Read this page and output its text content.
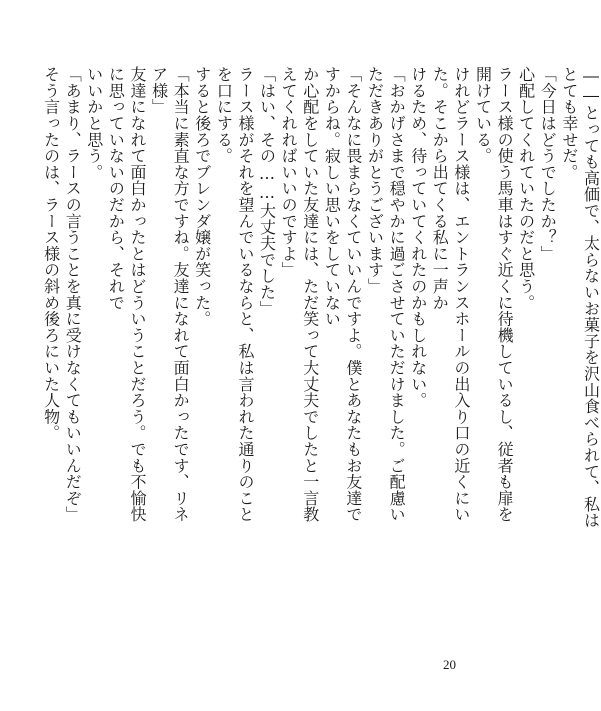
――とっても高価で、太らないお菓子を沢山食べられて、私はとても幸せだ。

「今日はどうでしたか？」

心配してくれていたのだと思う。

ラース様の使う馬車はすぐ近くに待機しているし、従者も扉を開けている。

けれどラース様は、エントランスホールの出入り口の近くにいた。そこから出てくる私に一声か

けるため、待っていてくれたのかもしれない。

「おかげさまで穏やかに過ごさせていただけました。ご配慮いただきありがとうございます」

「そんなに畏まらなくていいんですよ。僕とあなたもお友達ですからね。寂しい思いをしていない

か心配をしていた友達には、ただ笑って大丈夫でしたと一言教えてくれればいいのですよ」

「はい、その……大丈夫でした」

ラース様がそれを望んでいるならと、私は言われた通りのことを口にする。

すると後ろでブレンダ嬢が笑った。

「本当に素直な方ですね。友達になれて面白かったです、リネア様」

友達になれて面白かったとはどういうことだろう。でも不愉快に思っていないのだから、それで

いいかと思う。

「あまり、ラースの言うことを真に受けなくてもいいんだぞ」

そう言ったのは、ラース様の斜め後ろにいた人物。

20
